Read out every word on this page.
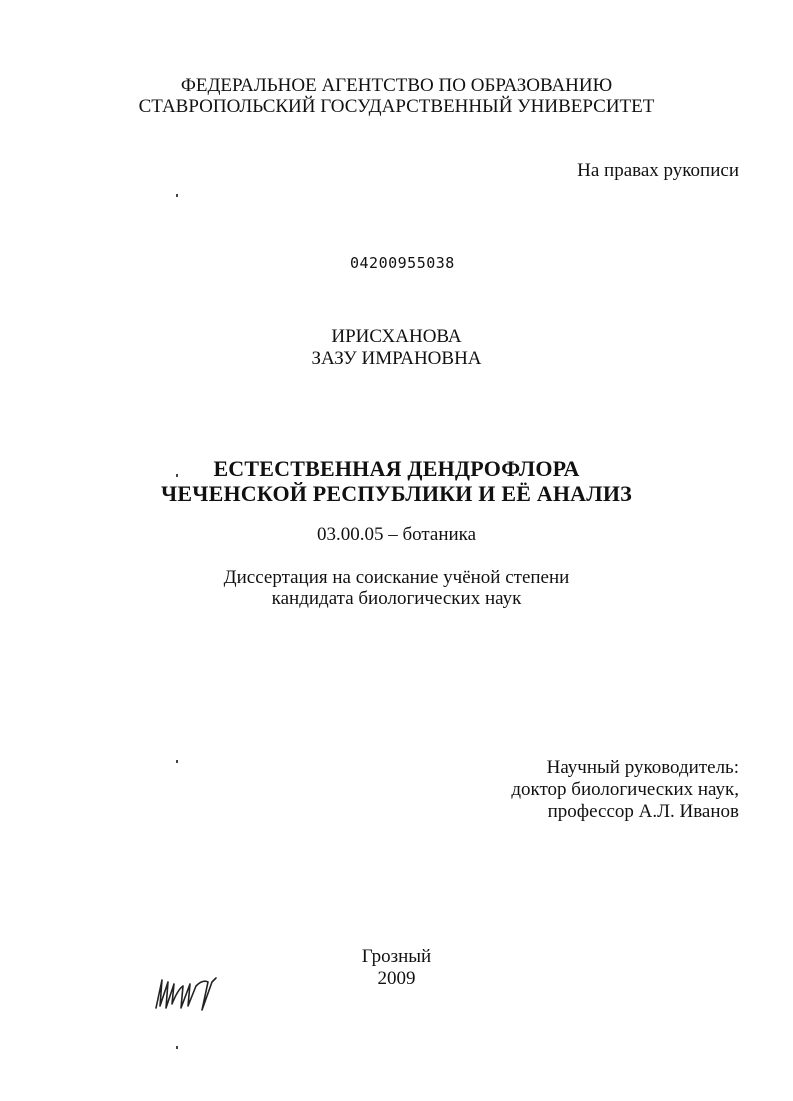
ФЕДЕРАЛЬНОЕ АГЕНТСТВО ПО ОБРАЗОВАНИЮ
СТАВРОПОЛЬСКИЙ ГОСУДАРСТВЕННЫЙ УНИВЕРСИТЕТ
На правах рукописи
04200955038
ИРИСХАНОВА
ЗАЗУ ИМРАНОВНА
ЕСТЕСТВЕННАЯ ДЕНДРОФЛОРА
ЧЕЧЕНСКОЙ РЕСПУБЛИКИ И ЕЁ АНАЛИЗ
03.00.05 – ботаника
Диссертация на соискание учёной степени
кандидата биологических наук
Научный руководитель:
доктор биологических наук,
профессор А.Л. Иванов
Грозный
2009
